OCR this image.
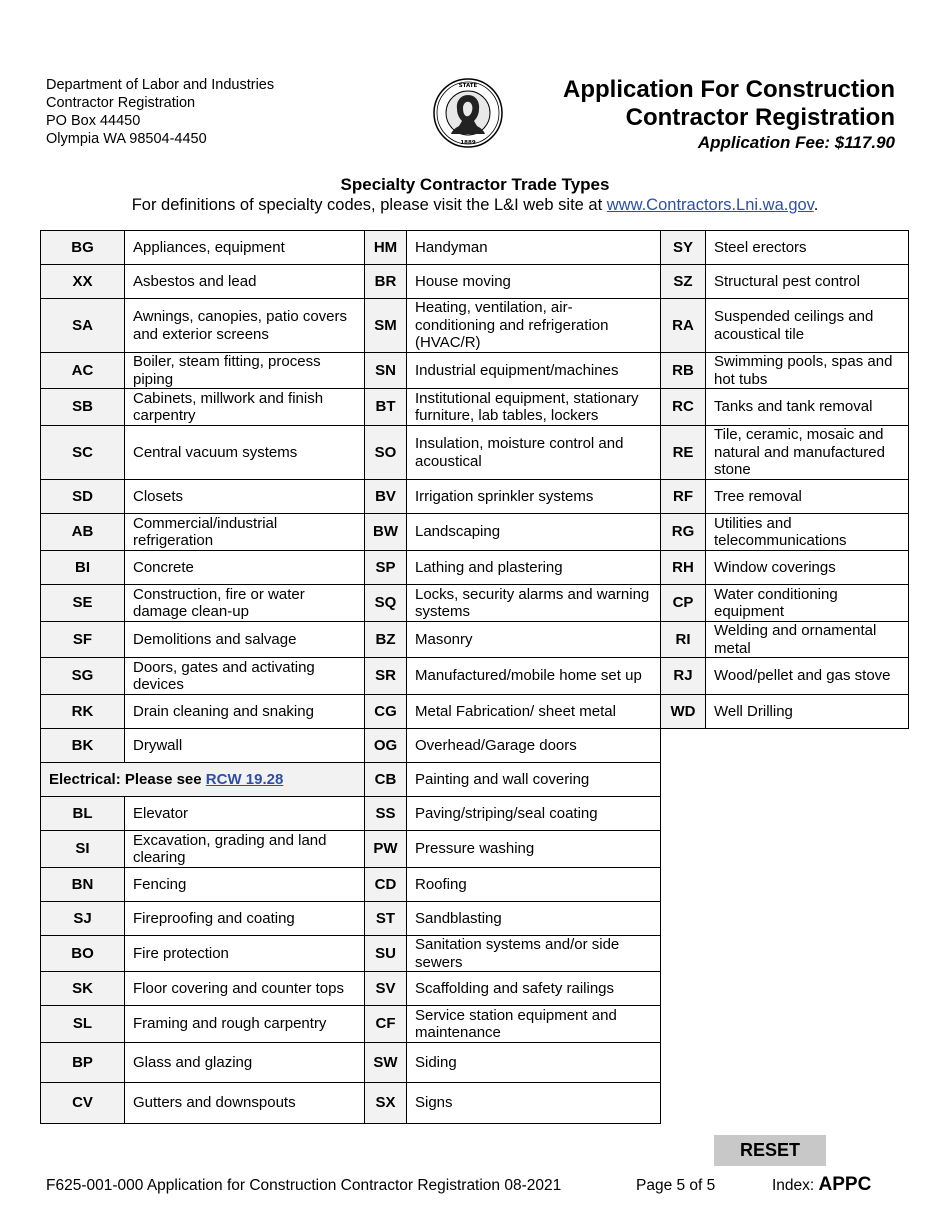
Department of Labor and Industries
Contractor Registration
PO Box 44450
Olympia WA 98504-4450
STATE
1889
Application For Construction
Contractor Registration
Application Fee: $117.90
Specialty Contractor Trade Types
For definitions of specialty codes, please visit the L&I web site at www.Contractors.Lni.wa.gov.
BG	Appliances, equipment	HM	Handyman	SY	Steel erectors
XX	Asbestos and lead	BR	House moving	SZ	Structural pest control
SA	Awnings, canopies, patio covers and exterior screens	SM	Heating, ventilation, air-conditioning and refrigeration (HVAC/R)	RA	Suspended ceilings and acoustical tile
AC	Boiler, steam fitting, process piping	SN	Industrial equipment/machines	RB	Swimming pools, spas and hot tubs
SB	Cabinets, millwork and finish carpentry	BT	Institutional equipment, stationary furniture, lab tables, lockers	RC	Tanks and tank removal
SC	Central vacuum systems	SO	Insulation, moisture control and acoustical	RE	Tile, ceramic, mosaic and natural and manufactured stone
SD	Closets	BV	Irrigation sprinkler systems	RF	Tree removal
AB	Commercial/industrial refrigeration	BW	Landscaping	RG	Utilities and telecommunications
BI	Concrete	SP	Lathing and plastering	RH	Window coverings
SE	Construction, fire or water damage clean-up	SQ	Locks, security alarms and warning systems	CP	Water conditioning equipment
SF	Demolitions and salvage	BZ	Masonry	RI	Welding and ornamental metal
SG	Doors, gates and activating devices	SR	Manufactured/mobile home set up	RJ	Wood/pellet and gas stove
RK	Drain cleaning and snaking	CG	Metal Fabrication/ sheet metal	WD	Well Drilling
BK	Drywall	OG	Overhead/Garage doors		
Electrical: Please see RCW 19.28		CB	Painting and wall covering		
BL	Elevator	SS	Paving/striping/seal coating		
SI	Excavation, grading and land clearing	PW	Pressure washing		
BN	Fencing	CD	Roofing		
SJ	Fireproofing and coating	ST	Sandblasting		
BO	Fire protection	SU	Sanitation systems and/or side sewers		
SK	Floor covering and counter tops	SV	Scaffolding and safety railings		
SL	Framing and rough carpentry	CF	Service station equipment and maintenance		
BP	Glass and glazing	SW	Siding		
CV	Gutters and downspouts	SX	Signs		
RESET
F625-001-000 Application for Construction Contractor Registration 08-2021	Page 5 of 5	Index: APPC
